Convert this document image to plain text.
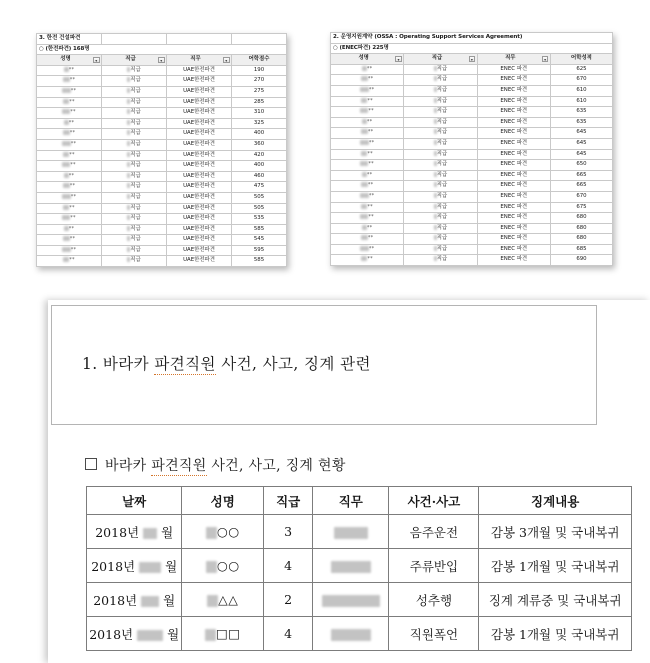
3. 한전 건설파견			
○ (한전파견) 168명			
성명 ▾	직급 ▾	직무 ▾	어학점수
**	직급	UAE한전파견	190
**	직급	UAE한전파견	270
**	직급	UAE한전파견	275
**	직급	UAE한전파견	285
**	직급	UAE한전파견	310
**	직급	UAE한전파견	325
**	직급	UAE한전파견	400
**	직급	UAE한전파견	360
**	직급	UAE한전파견	420
**	직급	UAE한전파견	400
**	직급	UAE한전파견	460
**	직급	UAE한전파견	475
**	직급	UAE한전파견	505
**	직급	UAE한전파견	505
**	직급	UAE한전파견	535
**	직급	UAE한전파견	585
**	직급	UAE한전파견	545
**	직급	UAE한전파견	595
**	직급	UAE한전파견	585
2. 운영지원계약 (OSSA : Operating Support Services Agreement)			
○ (ENEC파견) 225명			
성명 ▾	직급 ▾	직무 ▾	어학성적
**	직급	ENEC 파견	625
**	직급	ENEC 파견	670
**	직급	ENEC 파견	610
**	직급	ENEC 파견	610
**	직급	ENEC 파견	635
**	직급	ENEC 파견	635
**	직급	ENEC 파견	645
**	직급	ENEC 파견	645
**	직급	ENEC 파견	645
**	직급	ENEC 파견	650
**	직급	ENEC 파견	665
**	직급	ENEC 파견	665
**	직급	ENEC 파견	670
**	직급	ENEC 파견	675
**	직급	ENEC 파견	680
**	직급	ENEC 파견	680
**	직급	ENEC 파견	680
**	직급	ENEC 파견	685
**	직급	ENEC 파견	690
1. 바라카 파견직원 사건, 사고, 징계 관련
바라카 파견직원 사건, 사고, 징계 현황
날짜	성명	직급	직무	사건·사고	징계내용
2018년  월	○○	3		음주운전	감봉 3개월 및 국내복귀
2018년  월	○○	4		주류반입	감봉 1개월 및 국내복귀
2018년  월	△△	2		성추행	징계 계류중 및 국내복귀
2018년  월	□□	4		직원폭언	감봉 1개월 및 국내복귀
